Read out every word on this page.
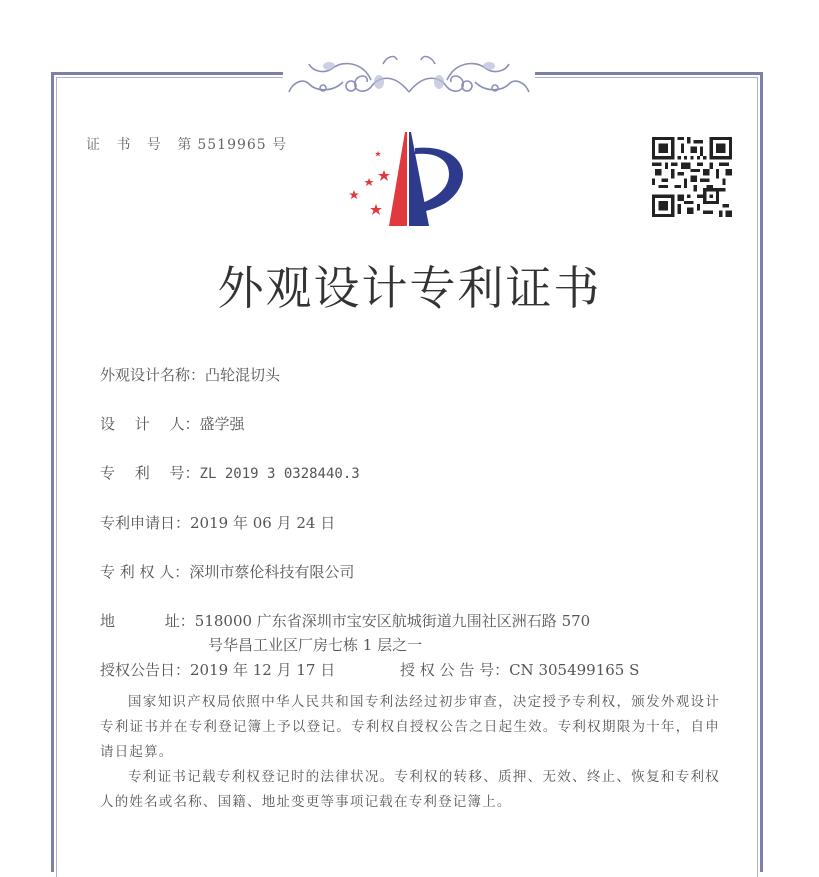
证 书 号 第5519965 号
外观设计专利证书
外观设计名称：凸轮混切头
设　 计　 人：盛学强
专　 利　 号：ZL 2019 3 0328440.3
专利申请日：2019 年 06 月 24 日
专 利 权 人：深圳市蔡伦科技有限公司
地　　　 址：518000 广东省深圳市宝安区航城街道九围社区洲石路 570
号华昌工业区厂房七栋 1 层之一
授权公告日：2019 年 12 月 17 日	授 权 公 告 号：CN 305499165 S
国家知识产权局依照中华人民共和国专利法经过初步审查，决定授予专利权，颁发外观设计专利证书并在专利登记簿上予以登记。专利权自授权公告之日起生效。专利权期限为十年，自申请日起算。
专利证书记载专利权登记时的法律状况。专利权的转移、质押、无效、终止、恢复和专利权人的姓名或名称、国籍、地址变更等事项记载在专利登记簿上。
